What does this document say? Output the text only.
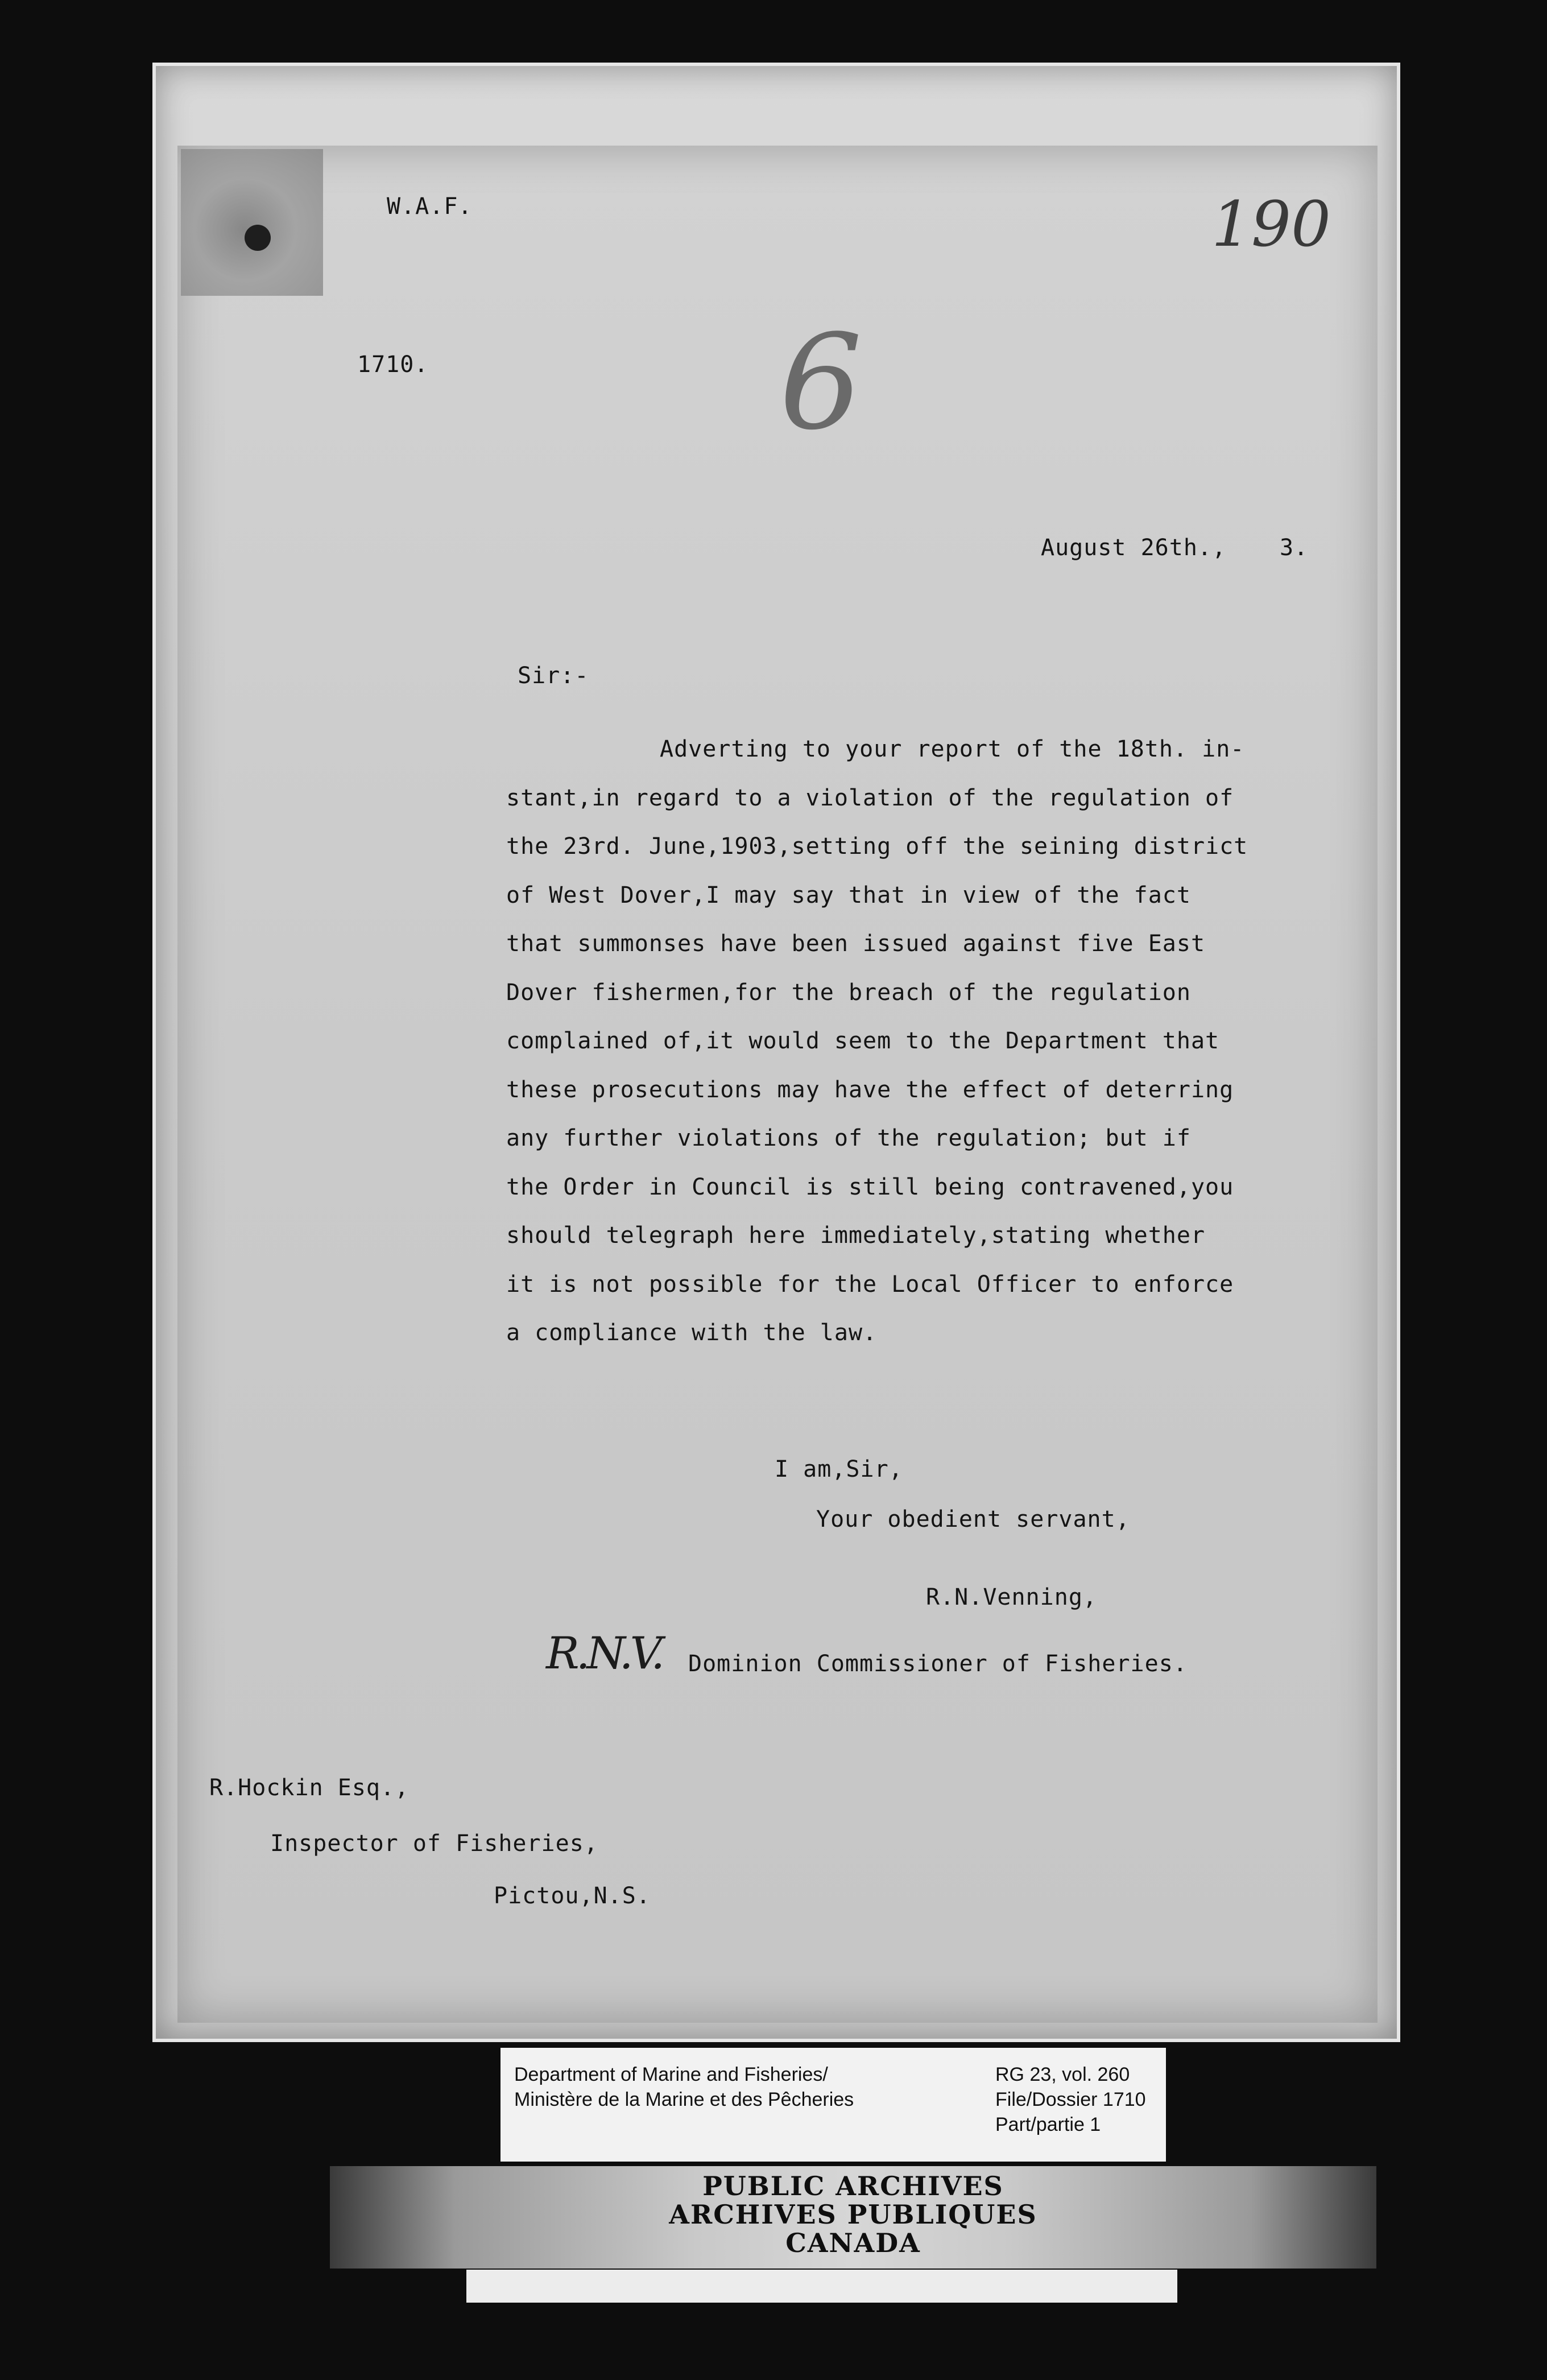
W.A.F.
1710.
190
6
August 26th., 3.
Sir:-
Adverting to your report of the 18th. in-
stant,in regard to a violation of the regulation of
the 23rd. June,1903,setting off the seining district
of West Dover,I may say that in view of the fact
that summonses have been issued against five East
Dover fishermen,for the breach of the regulation
complained of,it would seem to the Department that
these prosecutions may have the effect of deterring
any further violations of the regulation; but if
the Order in Council is still being contravened,you
should telegraph here immediately,stating whether
it is not possible for the Local Officer to enforce
a compliance with the law.
I am,Sir,
Your obedient servant,
R.N.Venning,
R.N.V. Dominion Commissioner of Fisheries.
R.Hockin Esq.,
Inspector of Fisheries,
Pictou,N.S.
Department of Marine and Fisheries/
Ministère de la Marine et des Pêcheries
RG 23, vol. 260
File/Dossier 1710
Part/partie 1
PUBLIC ARCHIVES
ARCHIVES PUBLIQUES
CANADA
